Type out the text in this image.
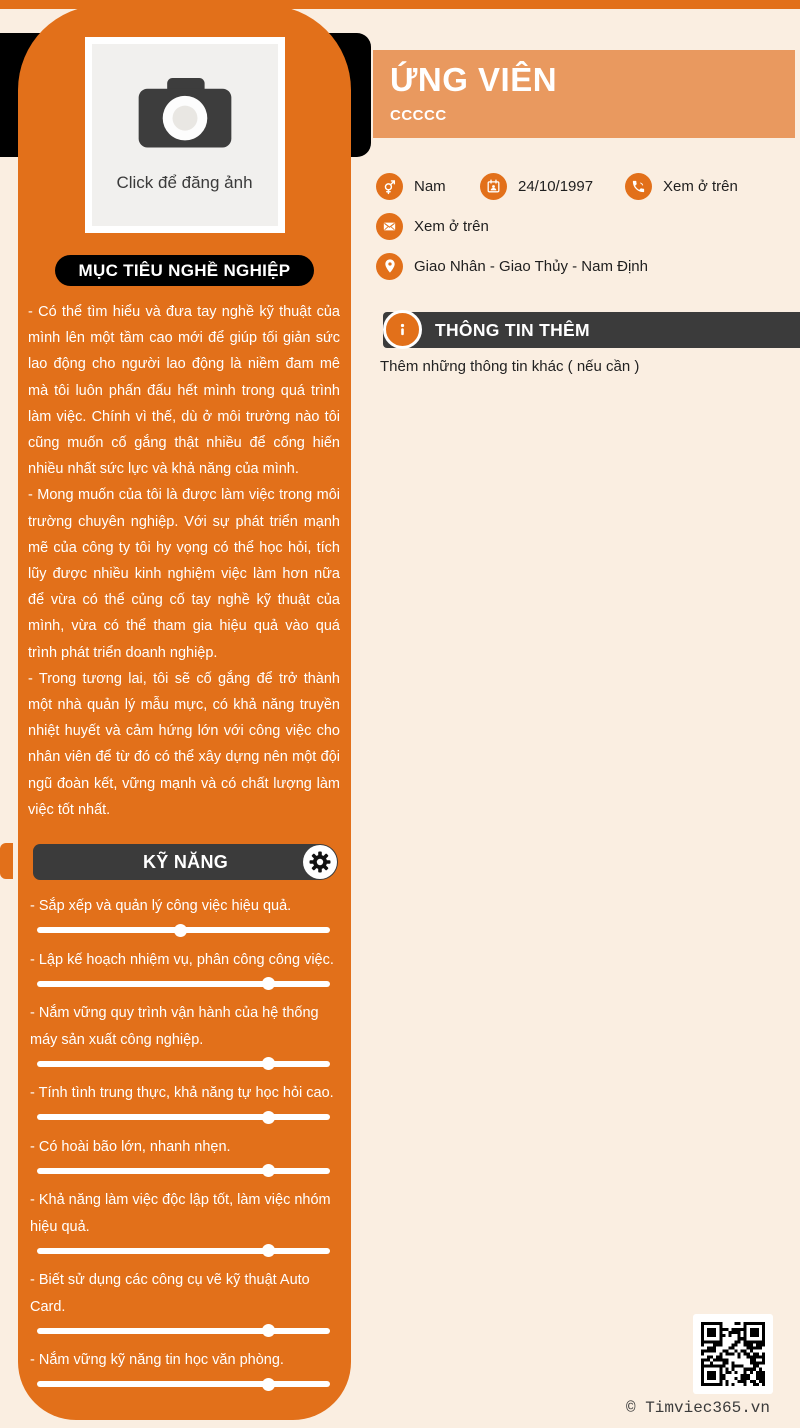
Click để đăng ảnh
MỤC TIÊU NGHỀ NGHIỆP
- Có thể tìm hiểu và đưa tay nghề kỹ thuật của mình lên một tầm cao mới để giúp tối giản sức lao động cho người lao động là niềm đam mê mà tôi luôn phấn đấu hết mình trong quá trình làm việc. Chính vì thế, dù ở môi trường nào tôi cũng muốn cố gắng thật nhiều để cống hiến nhiều nhất sức lực và khả năng của mình.
- Mong muốn của tôi là được làm việc trong môi trường chuyên nghiệp. Với sự phát triển mạnh mẽ của công ty tôi hy vọng có thể học hỏi, tích lũy được nhiều kinh nghiệm việc làm hơn nữa để vừa có thể củng cố tay nghề kỹ thuật của mình, vừa có thể tham gia hiệu quả vào quá trình phát triển doanh nghiệp.
- Trong tương lai, tôi sẽ cố gắng để trở thành một nhà quản lý mẫu mực, có khả năng truyền nhiệt huyết và cảm hứng lớn với công việc cho nhân viên để từ đó có thể xây dựng nên một đội ngũ đoàn kết, vững mạnh và có chất lượng làm việc tốt nhất.
KỸ NĂNG
- Sắp xếp và quản lý công việc hiệu quả.
- Lập kế hoạch nhiệm vụ, phân công công việc.
- Nắm vững quy trình vận hành của hệ thống máy sản xuất công nghiệp.
- Tính tình trung thực, khả năng tự học hỏi cao.
- Có hoài bão lớn, nhanh nhẹn.
- Khả năng làm việc độc lập tốt, làm việc nhóm hiệu quả.
- Biết sử dụng các công cụ vẽ kỹ thuật Auto Card.
- Nắm vững kỹ năng tin học văn phòng.
ỨNG VIÊN
CCCCC
Nam	24/10/1997	Xem ở trên
Xem ở trên
Giao Nhân - Giao Thủy - Nam Định
THÔNG TIN THÊM
Thêm những thông tin khác ( nếu cần )
© Timviec365.vn
